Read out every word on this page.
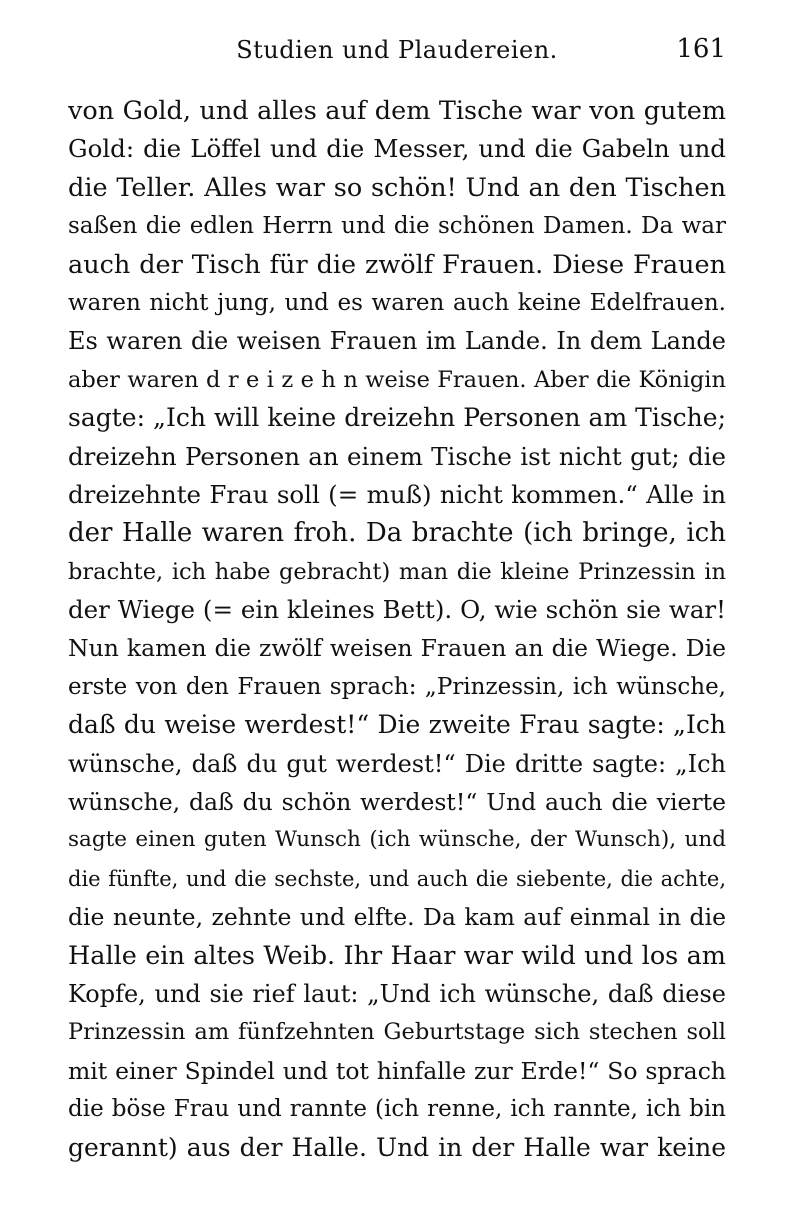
Studien und Plaudereien.	161
von Gold, und alles auf dem Tische war von gutem
Gold: die Löffel und die Messer, und die Gabeln und
die Teller. Alles war so schön! Und an den Tischen
saßen die edlen Herrn und die schönen Damen. Da war
auch der Tisch für die zwölf Frauen. Diese Frauen
waren nicht jung, und es waren auch keine Edelfrauen.
Es waren die weisen Frauen im Lande. In dem Lande
aber waren d r e i z e h n weise Frauen. Aber die Königin
sagte: „Ich will keine dreizehn Personen am Tische;
dreizehn Personen an einem Tische ist nicht gut; die
dreizehnte Frau soll (= muß) nicht kommen.“ Alle in
der Halle waren froh. Da brachte (ich bringe, ich
brachte, ich habe gebracht) man die kleine Prinzessin in
der Wiege (= ein kleines Bett). O, wie schön sie war!
Nun kamen die zwölf weisen Frauen an die Wiege. Die
erste von den Frauen sprach: „Prinzessin, ich wünsche,
daß du weise werdest!“ Die zweite Frau sagte: „Ich
wünsche, daß du gut werdest!“ Die dritte sagte: „Ich
wünsche, daß du schön werdest!“ Und auch die vierte
sagte einen guten Wunsch (ich wünsche, der Wunsch), und
die fünfte, und die sechste, und auch die siebente, die achte,
die neunte, zehnte und elfte. Da kam auf einmal in die
Halle ein altes Weib. Ihr Haar war wild und los am
Kopfe, und sie rief laut: „Und ich wünsche, daß diese
Prinzessin am fünfzehnten Geburtstage sich stechen soll
mit einer Spindel und tot hinfalle zur Erde!“ So sprach
die böse Frau und rannte (ich renne, ich rannte, ich bin
gerannt) aus der Halle. Und in der Halle war keine
